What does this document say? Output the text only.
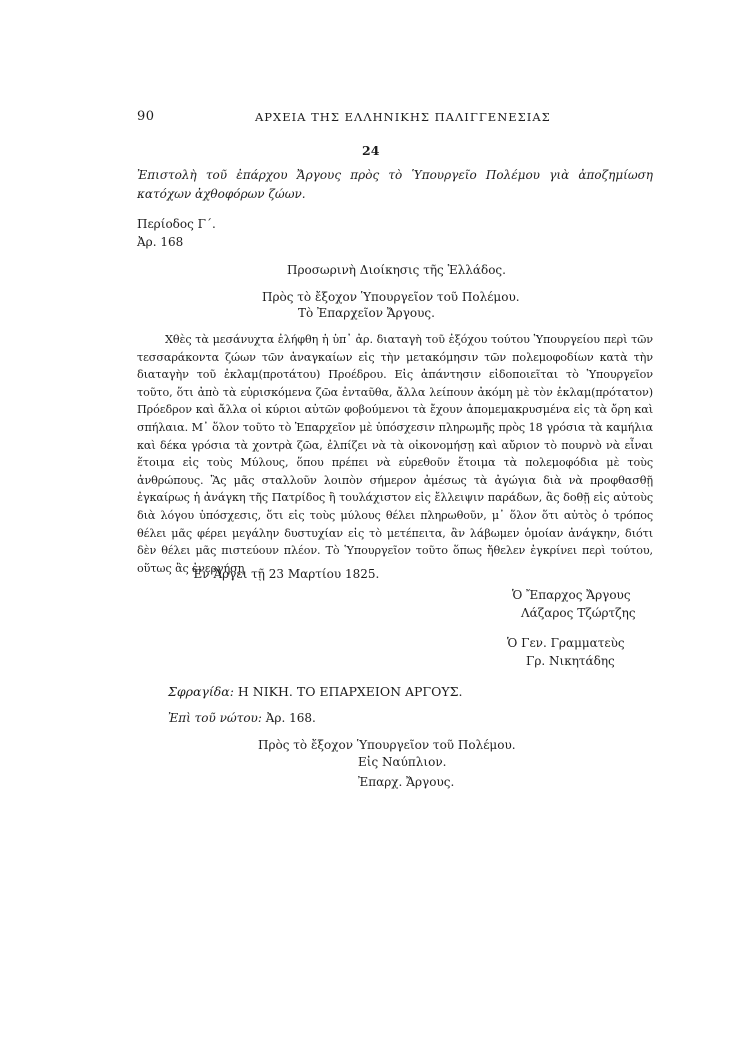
90	ΑΡΧΕΙΑ ΤΗΣ ΕΛΛΗΝΙΚΗΣ ΠΑΛΙΓΓΕΝΕΣΙΑΣ
24
Ἐπιστολὴ τοῦ ἐπάρχου Ἄργους πρὸς τὸ Ὑπουργεῖο Πολέμου γιὰ ἀποζημίωση κατόχων ἀχθοφόρων ζώων.
Περίοδος Γ΄.
Ἀρ. 168
Προσωρινὴ Διοίκησις τῆς Ἑλλάδος.
Πρὸς τὸ ἔξοχον Ὑπουργεῖον τοῦ Πολέμου.
Τὸ Ἐπαρχεῖον Ἄργους.
Χθὲς τὰ μεσάνυχτα ἐλήφθη ἡ ὑπ᾽ ἀρ. διαταγὴ τοῦ ἐξόχου τούτου Ὑπουργείου περὶ τῶν τεσσαράκοντα ζώων τῶν ἀναγκαίων εἰς τὴν μετακόμησιν τῶν πολεμοφοδίων κατὰ τὴν διαταγὴν τοῦ ἐκλαμ(προτάτου) Προέδρου. Εἰς ἀπάντησιν εἰδοποιεῖται τὸ Ὑπουργεῖον τοῦτο, ὅτι ἀπὸ τὰ εὑρισκόμενα ζῶα ἐνταῦθα, ἄλλα λείπουν ἀκόμη μὲ τὸν ἐκλαμ(πρότατον) Πρόεδρον καὶ ἄλλα οἱ κύριοι αὐτῶν φοβούμενοι τὰ ἔχουν ἀπομεμακρυσμένα εἰς τὰ ὄρη καὶ σπήλαια. Μ᾽ ὅλον τοῦτο τὸ Ἐπαρχεῖον μὲ ὑπόσχεσιν πληρωμῆς πρὸς 18 γρόσια τὰ καμήλια καὶ δέκα γρόσια τὰ χοντρὰ ζῶα, ἐλπίζει νὰ τὰ οἰκονομήσῃ καὶ αὔριον τὸ πουρνὸ νὰ εἶναι ἕτοιμα εἰς τοὺς Μύλους, ὅπου πρέπει νὰ εὑρεθοῦν ἕτοιμα τὰ πολεμοφόδια μὲ τοὺς ἀνθρώπους. Ἂς μᾶς σταλλοῦν λοιπὸν σήμερον ἀμέσως τὰ ἀγώγια διὰ νὰ προφθασθῇ ἐγκαίρως ἡ ἀνάγκη τῆς Πατρίδος ἢ τουλάχιστον εἰς ἔλλειψιν παράδων, ἂς δοθῇ εἰς αὐτοὺς διὰ λόγου ὑπόσχεσις, ὅτι εἰς τοὺς μύλους θέλει πληρωθοῦν, μ᾽ ὅλον ὅτι αὐτὸς ὁ τρόπος θέλει μᾶς φέρει μεγάλην δυστυχίαν εἰς τὸ μετέπειτα, ἂν λάβωμεν ὁμοίαν ἀνάγκην, διότι δὲν θέλει μᾶς πιστεύουν πλέον. Τὸ Ὑπουργεῖον τοῦτο ὅπως ἤθελεν ἐγκρίνει περὶ τούτου, οὕτως ἂς ἐνεργήσῃ
Ἐν Ἄργει τῇ 23 Μαρτίου 1825.
Ὁ Ἔπαρχος Ἄργους
Λάζαρος Τζώρτζης
Ὁ Γεν. Γραμματεὺς
Γρ. Νικητάδης
Σφραγίδα: Η ΝΙΚΗ. ΤΟ ΕΠΑΡΧΕΙΟΝ ΑΡΓΟΥΣ.
Ἐπὶ τοῦ νώτου: Ἀρ. 168.
Πρὸς τὸ ἔξοχον Ὑπουργεῖον τοῦ Πολέμου.
Εἰς Ναύπλιον.
Ἐπαρχ. Ἄργους.
